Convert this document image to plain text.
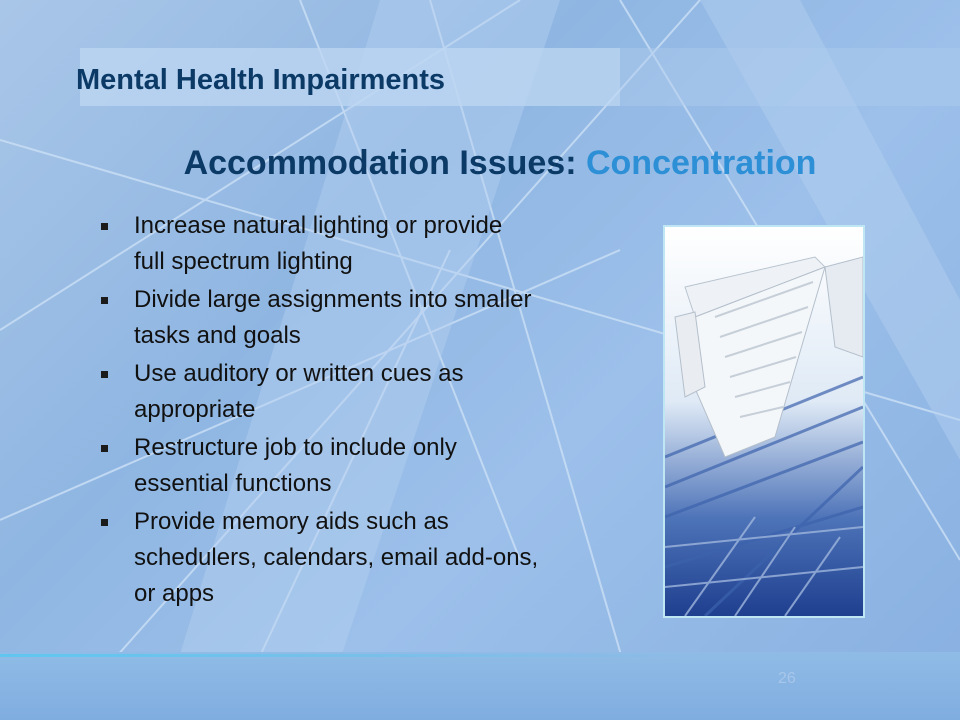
Mental Health Impairments
Accommodation Issues: Concentration
Increase natural lighting or provide
full spectrum lighting
Divide large assignments into smaller
tasks and goals
Use auditory or written cues as
appropriate
Restructure job to include only
essential functions
Provide memory aids such as
schedulers, calendars, email add-ons,
or apps
26
